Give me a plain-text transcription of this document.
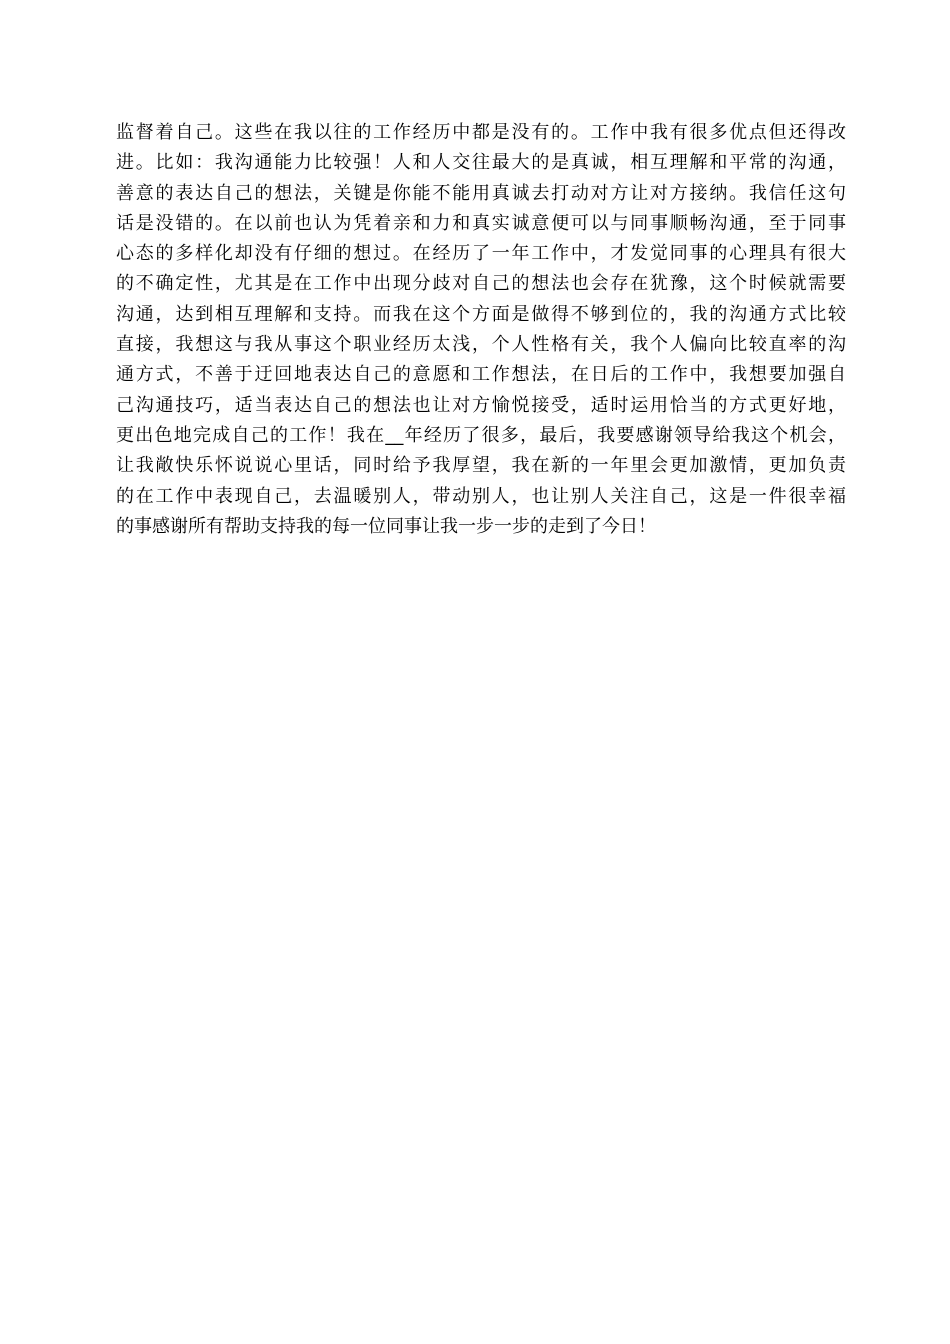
监督着自己。这些在我以往的工作经历中都是没有的。工作中我有很多优点但还得改
进。比如：我沟通能力比较强！人和人交往最大的是真诚，相互理解和平常的沟通，
善意的表达自己的想法，关键是你能不能用真诚去打动对方让对方接纳。我信任这句
话是没错的。在以前也认为凭着亲和力和真实诚意便可以与同事顺畅沟通，至于同事
心态的多样化却没有仔细的想过。在经历了一年工作中，才发觉同事的心理具有很大
的不确定性，尤其是在工作中出现分歧对自己的想法也会存在犹豫，这个时候就需要
沟通，达到相互理解和支持。而我在这个方面是做得不够到位的，我的沟通方式比较
直接，我想这与我从事这个职业经历太浅，个人性格有关，我个人偏向比较直率的沟
通方式，不善于迂回地表达自己的意愿和工作想法，在日后的工作中，我想要加强自
己沟通技巧，适当表达自己的想法也让对方愉悦接受，适时运用恰当的方式更好地，
更出色地完成自己的工作！我在__年经历了很多，最后，我要感谢领导给我这个机会，
让我敞快乐怀说说心里话，同时给予我厚望，我在新的一年里会更加激情，更加负责
的在工作中表现自己，去温暖别人，带动别人，也让别人关注自己，这是一件很幸福
的事感谢所有帮助支持我的每一位同事让我一步一步的走到了今日！
